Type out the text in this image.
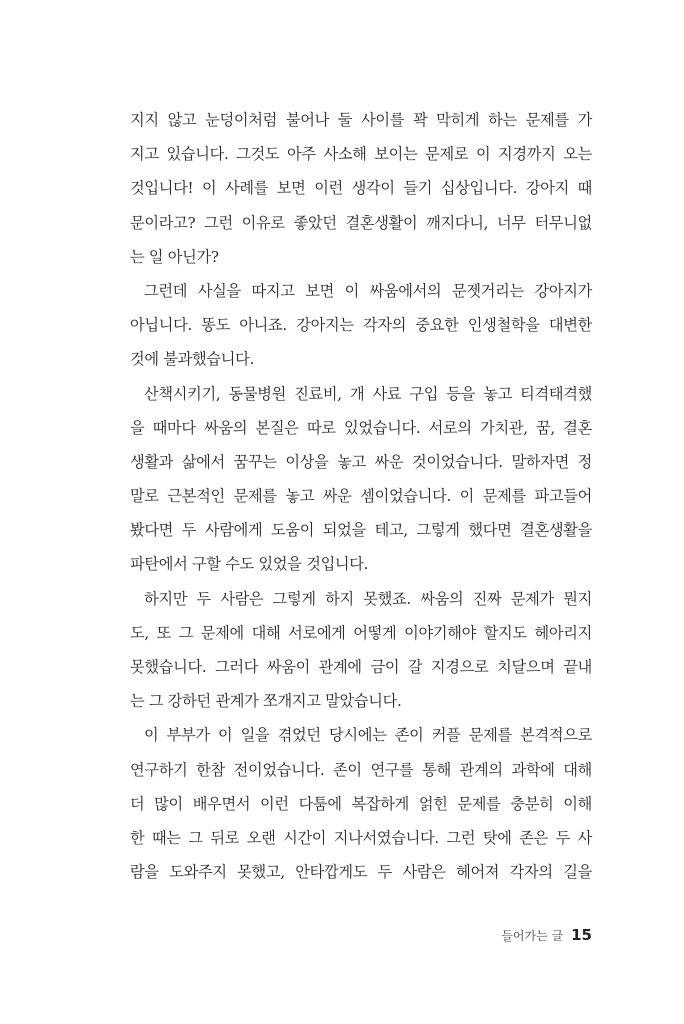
지지 않고 눈덩이처럼 불어나 둘 사이를 꽉 막히게 하는 문제를 가
지고 있습니다. 그것도 아주 사소해 보이는 문제로 이 지경까지 오는
것입니다! 이 사례를 보면 이런 생각이 들기 십상입니다. 강아지 때
문이라고? 그런 이유로 좋았던 결혼생활이 깨지다니, 너무 터무니없
는 일 아닌가?
그런데 사실을 따지고 보면 이 싸움에서의 문젯거리는 강아지가
아닙니다. 똥도 아니죠. 강아지는 각자의 중요한 인생철학을 대변한
것에 불과했습니다.
산책시키기, 동물병원 진료비, 개 사료 구입 등을 놓고 티격태격했
을 때마다 싸움의 본질은 따로 있었습니다. 서로의 가치관, 꿈, 결혼
생활과 삶에서 꿈꾸는 이상을 놓고 싸운 것이었습니다. 말하자면 정
말로 근본적인 문제를 놓고 싸운 셈이었습니다. 이 문제를 파고들어
봤다면 두 사람에게 도움이 되었을 테고, 그렇게 했다면 결혼생활을
파탄에서 구할 수도 있었을 것입니다.
하지만 두 사람은 그렇게 하지 못했죠. 싸움의 진짜 문제가 뭔지
도, 또 그 문제에 대해 서로에게 어떻게 이야기해야 할지도 헤아리지
못했습니다. 그러다 싸움이 관계에 금이 갈 지경으로 치달으며 끝내
는 그 강하던 관계가 쪼개지고 말았습니다.
이 부부가 이 일을 겪었던 당시에는 존이 커플 문제를 본격적으로
연구하기 한참 전이었습니다. 존이 연구를 통해 관계의 과학에 대해
더 많이 배우면서 이런 다툼에 복잡하게 얽힌 문제를 충분히 이해
한 때는 그 뒤로 오랜 시간이 지나서였습니다. 그런 탓에 존은 두 사
람을 도와주지 못했고, 안타깝게도 두 사람은 헤어져 각자의 길을
들어가는 글 15
